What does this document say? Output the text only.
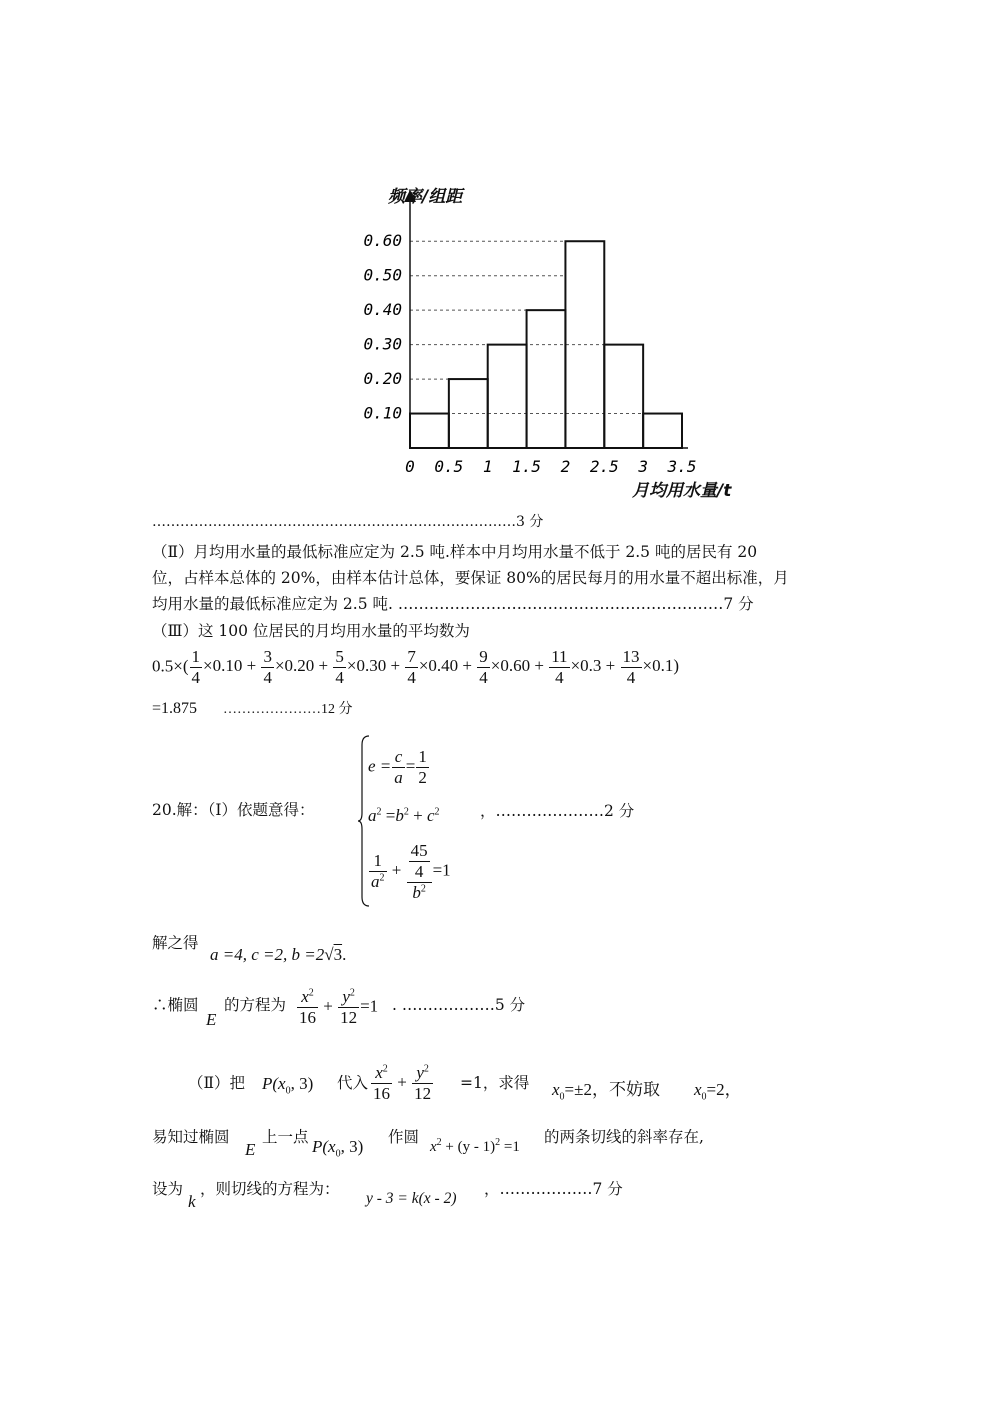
0.10
0.20
0.30
0.40
0.50
0.60
0 0.5 1 1.5 2 2.5 3 3.5
频率/组距
月均用水量/t
……………………………………………………………………3 分
（Ⅱ）月均用水量的最低标准应定为 2.5 吨.样本中月均用水量不低于 2.5 吨的居民有 20
位，占样本总体的 20%，由样本估计总体，要保证 80%的居民每月的用水量不超出标准，月
均用水量的最低标准应定为 2.5 吨. ………………………………………………………7 分
（Ⅲ）这 100 位居民的月均用水量的平均数为
$0.5\times( \frac{1}{4} \times 0.10 + \frac{3}{4} \times 0.20 + \frac{5}{4} \times 0.30 + \frac{7}{4} \times 0.40 + \frac{9}{4} \times 0.60 + \frac{11}{4} \times 0.3 + \frac{13}{4} \times 0.1)$
=1.875 …………………12 分
20.解：（Ⅰ）依题意得：
$e = \frac{c}{a} = \frac{1}{2}$
$a^2 =b^2 + c^2$	，…………………2 分
$\frac{1}{a^2} + \frac{\frac{45}{4}}{b^2} =1$
解之得
a =4, c =2, b =2√3.
∴椭圆
E
的方程为 $\frac{x^2}{16} + \frac{y^2}{12} =1$ . ………………5 分
（Ⅱ）把 $P(x_0$, 3) 代入 $\frac{x^2}{16} + \frac{y^2}{12} =1$，求得 $x_0=\pm 2$，不妨取 $x_0=2$，
易知过椭圆
E
上一点 $P(x_0$, 3) 作圆
$x^2 + (y - 1)^2 =1$
的两条切线的斜率存在,
设为
k
，则切线的方程为：
y - 3 = k(x - 2)
，………………7 分
